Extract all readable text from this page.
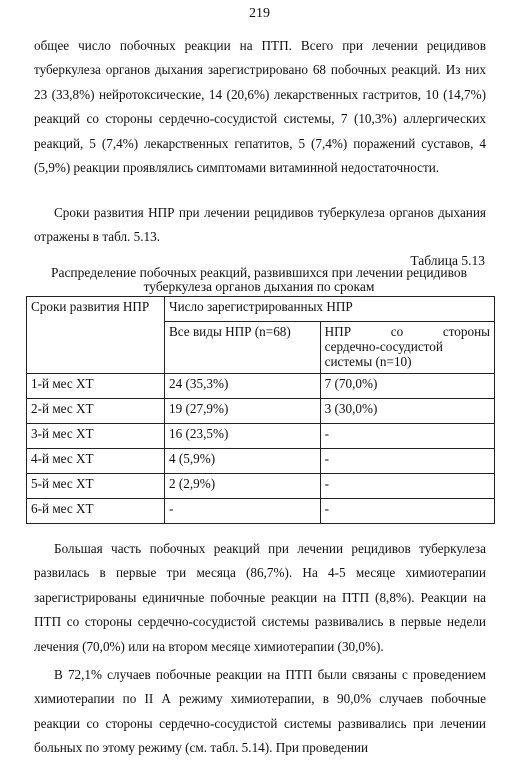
219

общее число побочных реакции на ПТП. Всего при лечении рецидивов туберкулеза органов дыхания зарегистрировано 68 побочных реакций. Из них 23 (33,8%) нейротоксические, 14 (20,6%) лекарственных гастритов, 10 (14,7%) реакций со стороны сердечно-сосудистой системы, 7 (10,3%) аллергических реакций, 5 (7,4%) лекарственных гепатитов, 5 (7,4%) поражений суставов, 4 (5,9%) реакции проявлялись симптомами витаминной недостаточности.

Сроки развития НПР при лечении рецидивов туберкулеза органов дыхания отражены в табл. 5.13.

Таблица 5.13
Распределение побочных реакций, развившихся при лечении рецидивов туберкулеза органов дыхания по срокам
Сроки развития НПР	Число зарегистрированных НПР	
	Все виды НПР (n=68)	НПР со стороны
сердечно-сосудистой системы (n=10)

1-й мес ХТ	24 (35,3%)	7 (70,0%)
2-й мес ХТ	19 (27,9%)	3 (30,0%)
3-й мес ХТ	16 (23,5%)	-
4-й мес ХТ	4 (5,9%)	-
5-й мес ХТ	2 (2,9%)	-
6-й мес ХТ	-	-

Большая часть побочных реакций при лечении рецидивов туберкулеза развилась в первые три месяца (86,7%). На 4-5 месяце химиотерапии зарегистрированы единичные побочные реакции на ПТП (8,8%). Реакции на ПТП со стороны сердечно-сосудистой системы развивались в первые недели лечения (70,0%) или на втором месяце химиотерапии (30,0%).

В 72,1% случаев побочные реакции на ПТП были связаны с проведением химиотерапии по II А режиму химиотерапии, в 90,0% случаев побочные реакции со стороны сердечно-сосудистой системы развивались при лечении больных по этому режиму (см. табл. 5.14). При проведении
